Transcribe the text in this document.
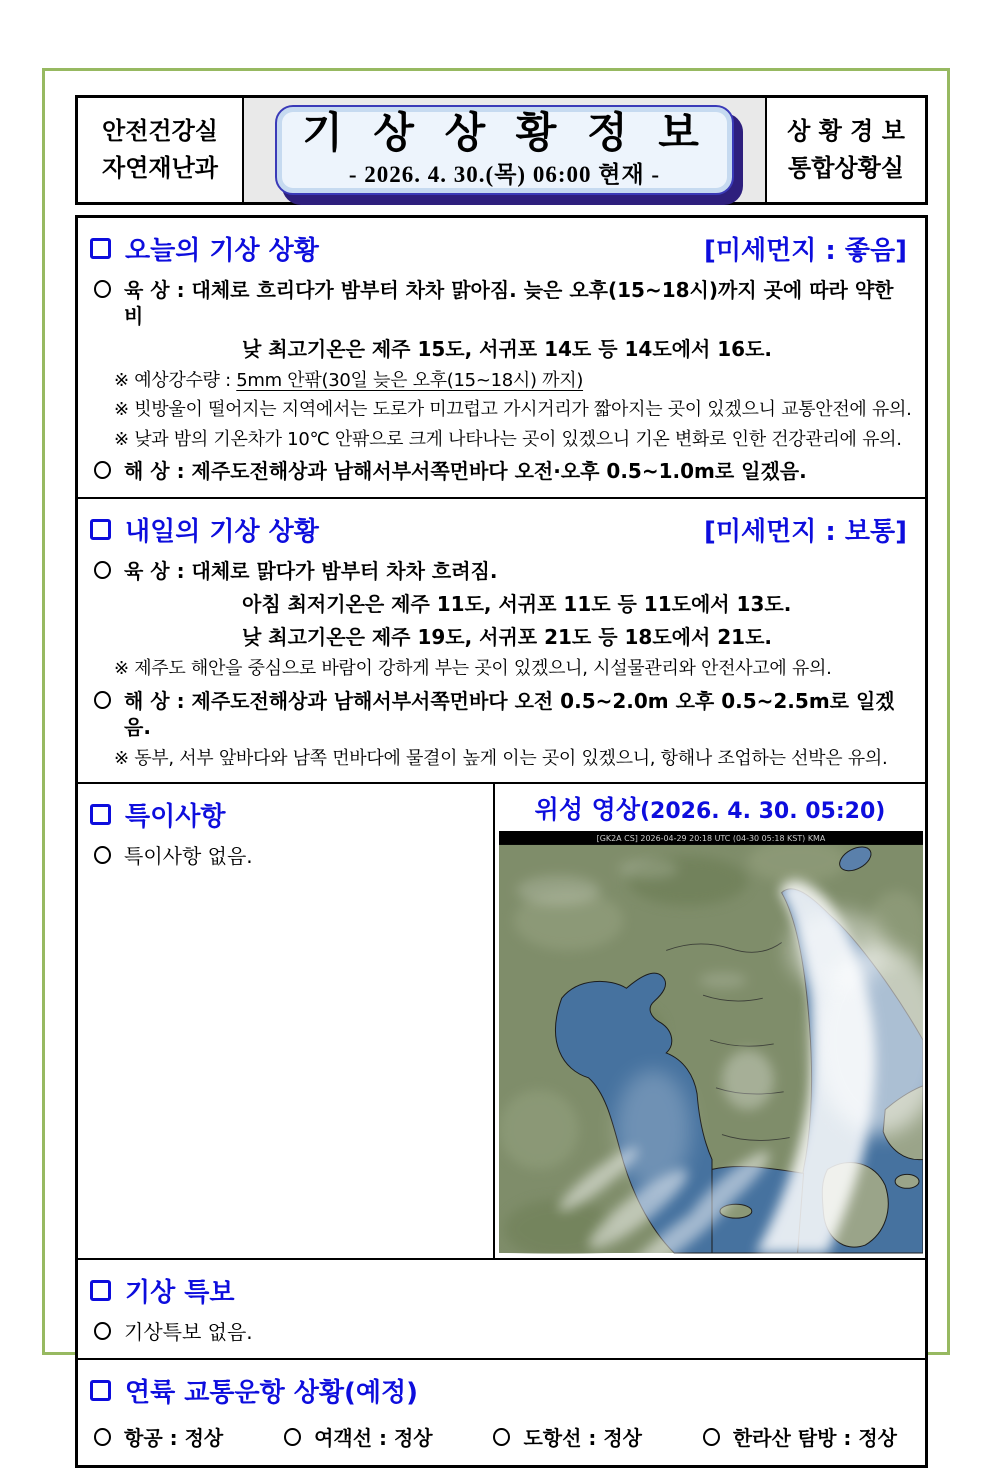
안전건강실
자연재난과
기 상 상 황 정 보
- 2026. 4. 30.(목) 06:00 현재 -
상 황 경 보
통합상황실
오늘의 기상 상황	[미세먼지 : 좋음]
육 상 : 대체로 흐리다가 밤부터 차차 맑아짐. 늦은 오후(15~18시)까지 곳에 따라 약한 비
낮 최고기온은 제주 15도, 서귀포 14도 등 14도에서 16도.
※ 예상강수량 : 5mm 안팎(30일 늦은 오후(15~18시) 까지)
※ 빗방울이 떨어지는 지역에서는 도로가 미끄럽고 가시거리가 짧아지는 곳이 있겠으니 교통안전에 유의.
※ 낮과 밤의 기온차가 10℃ 안팎으로 크게 나타나는 곳이 있겠으니 기온 변화로 인한 건강관리에 유의.
해 상 : 제주도전해상과 남해서부서쪽먼바다 오전·오후 0.5~1.0m로 일겠음.
내일의 기상 상황	[미세먼지 : 보통]
육 상 : 대체로 맑다가 밤부터 차차 흐려짐.
아침 최저기온은 제주 11도, 서귀포 11도 등 11도에서 13도.
낮 최고기온은 제주 19도, 서귀포 21도 등 18도에서 21도.
※ 제주도 해안을 중심으로 바람이 강하게 부는 곳이 있겠으니, 시설물관리와 안전사고에 유의.
해 상 : 제주도전해상과 남해서부서쪽먼바다 오전 0.5~2.0m 오후 0.5~2.5m로 일겠음.
※ 동부, 서부 앞바다와 남쪽 먼바다에 물결이 높게 이는 곳이 있겠으니, 항해나 조업하는 선박은 유의.
특이사항
특이사항 없음.
위성 영상(2026. 4. 30. 05:20)
[GK2A CS] 2026-04-29 20:18 UTC (04-30 05:18 KST) KMA
기상 특보
기상특보 없음.
연륙 교통운항 상황(예정)
항공 : 정상	여객선 : 정상	도항선 : 정상	한라산 탐방 : 정상
